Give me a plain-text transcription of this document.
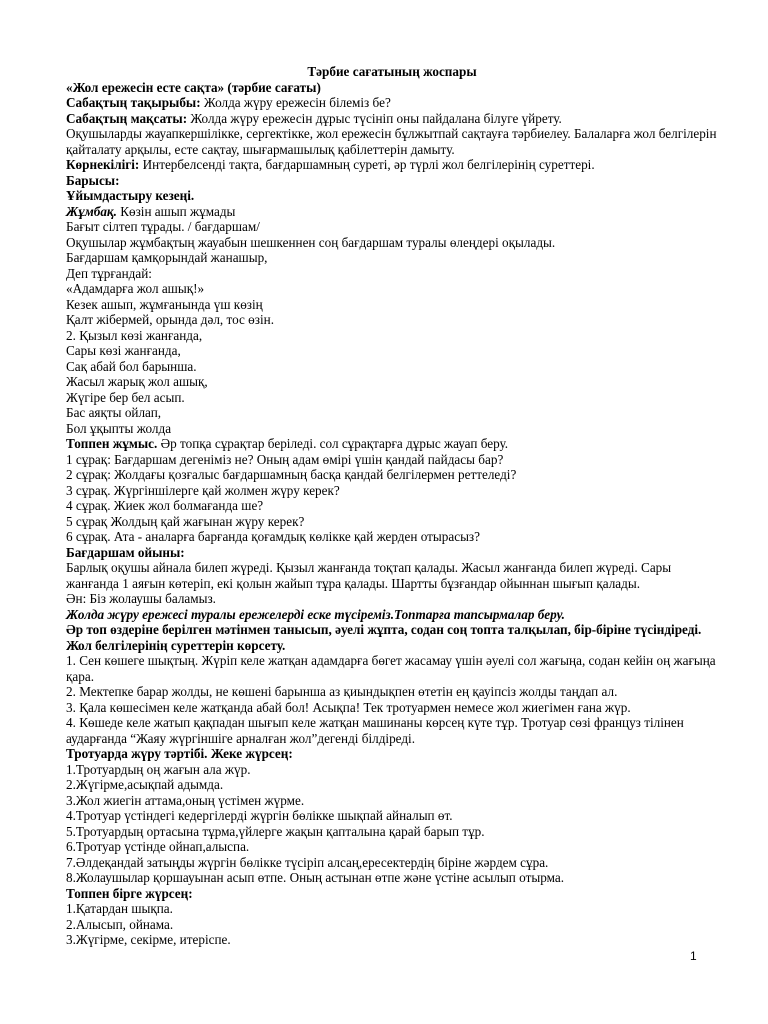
Тәрбие сағатының жоспары
«Жол ережесін есте сақта» (тәрбие сағаты)
Сабақтың тақырыбы: Жолда жүру ережесін білеміз бе?
Сабақтың мақсаты: Жолда жүру ережесін дұрыс түсініп оны пайдалана білуге үйрету.
Оқушыларды жауапкершілікке, сергектікке, жол ережесін бұлжытпай сақтауға тәрбиелеу. Балаларға жол белгілерін қайталату арқылы, есте сақтау, шығармашылық қабілеттерін дамыту.
Көрнекілігі: Интербелсенді тақта, бағдаршамның суреті, әр түрлі жол белгілерінің суреттері.
Барысы:
Ұйымдастыру кезеңі.
Жұмбақ. Көзін ашып жұмады
Бағыт сілтеп тұрады. / бағдаршам/
Оқушылар жұмбақтың жауабын шешкеннен соң бағдаршам туралы өлеңдері оқылады.
Бағдаршам қамқорындай жанашыр,
Деп тұрғандай:
«Адамдарға жол ашық!»
Кезек ашып, жұмғанында үш көзің
Қалт жібермей, орында дәл, тос өзін.
2. Қызыл көзі жанғанда,
Сары көзі жанғанда,
Сақ абай бол барынша.
Жасыл жарық жол ашық,
Жүгіре бер бел асып.
Бас аяқты ойлап,
Бол ұқыпты жолда
Топпен жұмыс. Әр топқа сұрақтар беріледі. сол сұрақтарға дұрыс жауап беру.
1 сұрақ: Бағдаршам дегеніміз не? Оның адам өмірі үшін қандай пайдасы бар?
2 сұрақ: Жолдағы қозғалыс бағдаршамның басқа қандай белгілермен реттеледі?
3 сұрақ. Жүргіншілерге қай жолмен жүру керек?
4 сұрақ. Жиек жол болмағанда ше?
5 сұрақ Жолдың қай жағынан жүру керек?
6 сұрақ. Ата - аналарға барғанда қоғамдық көлікке қай жерден отырасыз?
Бағдаршам ойыны:
Барлық оқушы айнала билеп жүреді. Қызыл жанғанда тоқтап қалады. Жасыл жанғанда билеп жүреді. Сары жанғанда 1 аяғын көтеріп, екі қолын жайып тұра қалады. Шартты бұзғандар ойыннан шығып қалады.
Ән: Біз жолаушы баламыз.
Жолда жүру ережесі туралы ережелерді еске түсіреміз.Топтарға тапсырмалар беру.
Әр топ өздеріне берілген мәтінмен танысып, әуелі жұпта, содан соң топта талқылап, бір-біріне түсіндіреді. Жол белгілерінің суреттерін көрсету.
1. Сен көшеге шықтың. Жүріп келе жатқан адамдарға бөгет жасамау үшін әуелі сол жағыңа, содан кейін оң жағыңа қара.
2. Мектепке барар жолды, не көшені барынша аз қиындықпен өтетін ең қауіпсіз жолды таңдап ал.
3. Қала көшесімен келе жатқанда абай бол! Асықпа! Тек тротуармен немесе жол жиегімен ғана жүр.
4. Көшеде келе жатып қақпадан шығып келе жатқан машинаны көрсең күте тұр. Тротуар сөзі француз тілінен аударғанда “Жаяу жүргіншіге арналған жол”дегенді білдіреді.
Тротуарда жүру тәртібі. Жеке жүрсең:
1.Тротуардың оң жағын ала жүр.
2.Жүгірме,асықпай адымда.
3.Жол жиегін аттама,оның үстімен жүрме.
4.Тротуар үстіндегі кедергілерді жүргін бөлікке шықпай айналып өт.
5.Тротуардың ортасына тұрма,үйлерге жақын қапталына қарай барып тұр.
6.Тротуар үстінде ойнап,алыспа.
7.Әлдеқандай затыңды жүргін бөлікке түсіріп алсаң,ересектердің біріне жәрдем сұра.
8.Жолаушылар қоршауынан асып өтпе. Оның астынан өтпе және үстіне асылып отырма.
Топпен бірге жүрсең:
1.Қатардан шықпа.
2.Алысып, ойнама.
3.Жүгірме, секірме, итеріспе.
1
